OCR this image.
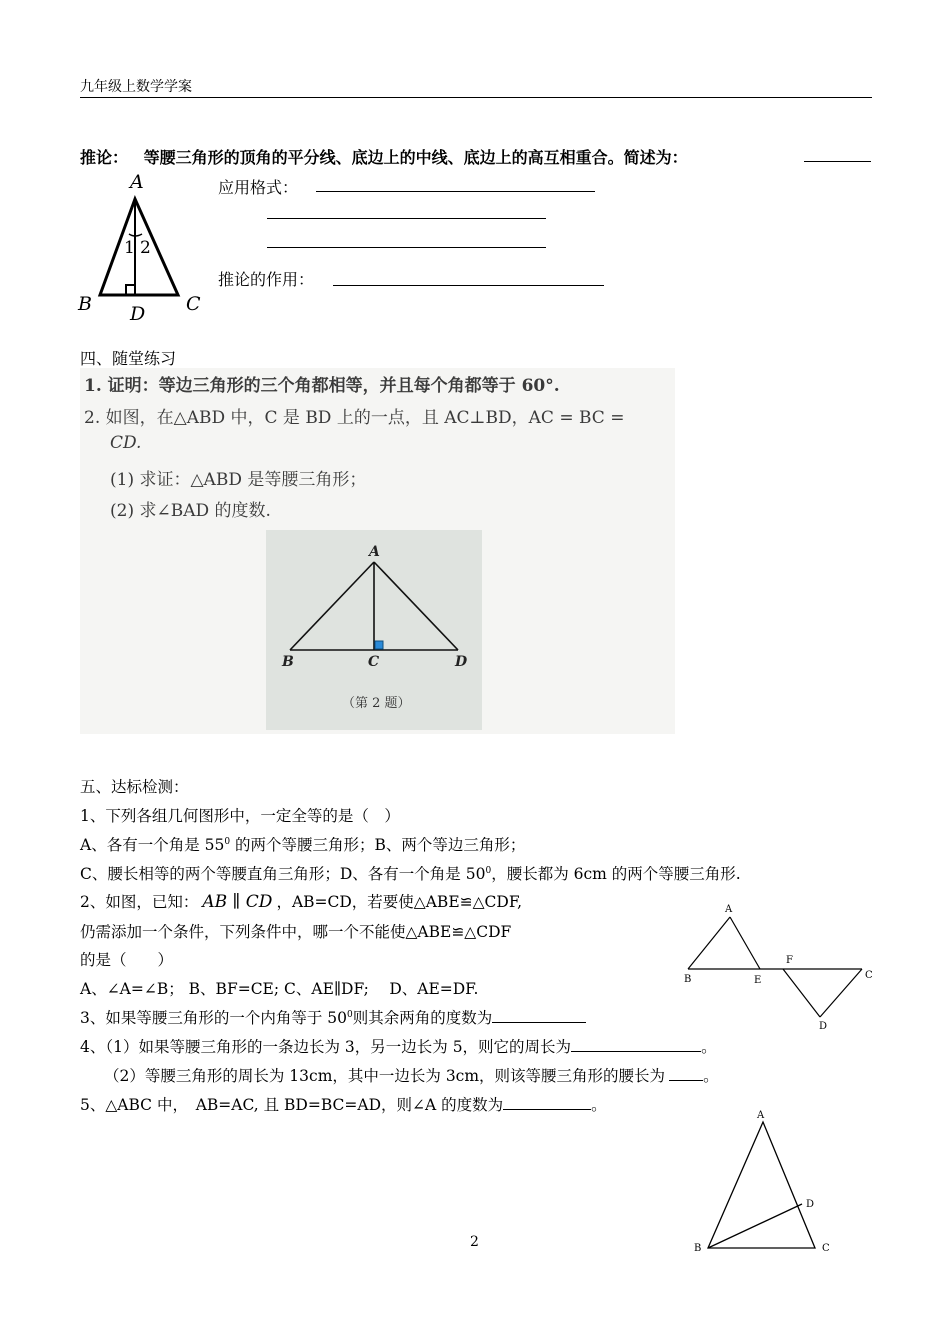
九年级上数学学案
推论： 等腰三角形的顶角的平分线、底边上的中线、底边上的高互相重合。简述为：
应用格式：
推论的作用：
A
B	C
D
1 2
四、随堂练习
1. 证明：等边三角形的三个角都相等，并且每个角都等于 60°.
2. 如图，在△ABD 中，C 是 BD 上的一点，且 AC⊥BD，AC = BC =
CD.
(1) 求证：△ABD 是等腰三角形；
(2) 求∠BAD 的度数.
A
B	C	D
（第 2 题）
五、达标检测：
1、下列各组几何图形中，一定全等的是（　）
A、各有一个角是 $55^0$ 的两个等腰三角形；B、两个等边三角形；
C、腰长相等的两个等腰直角三角形；D、各有一个角是 $50^0$，腰长都为 6cm 的两个等腰三角形.
2、如图，已知： AB ∥ CD ，AB=CD，若要使△ABE≌△CDF,
仍需添加一个条件，下列条件中，哪一个不能使△ABE≌△CDF
的是（　　）
A、∠A=∠B； B、BF=CE; C、AE∥DF;　 D、AE=DF.
3、如果等腰三角形的一个内角等于 $50^0$则其余两角的度数为
4、（1）如果等腰三角形的一条边长为 3，另一边长为 5，则它的周长为	。
（2）等腰三角形的周长为 13cm，其中一边长为 3cm，则该等腰三角形的腰长为 。
5、△ABC 中，　AB=AC, 且 BD=BC=AD，则∠A 的度数为	。
A
B	E
F
C
D
A
B	C
D
2
